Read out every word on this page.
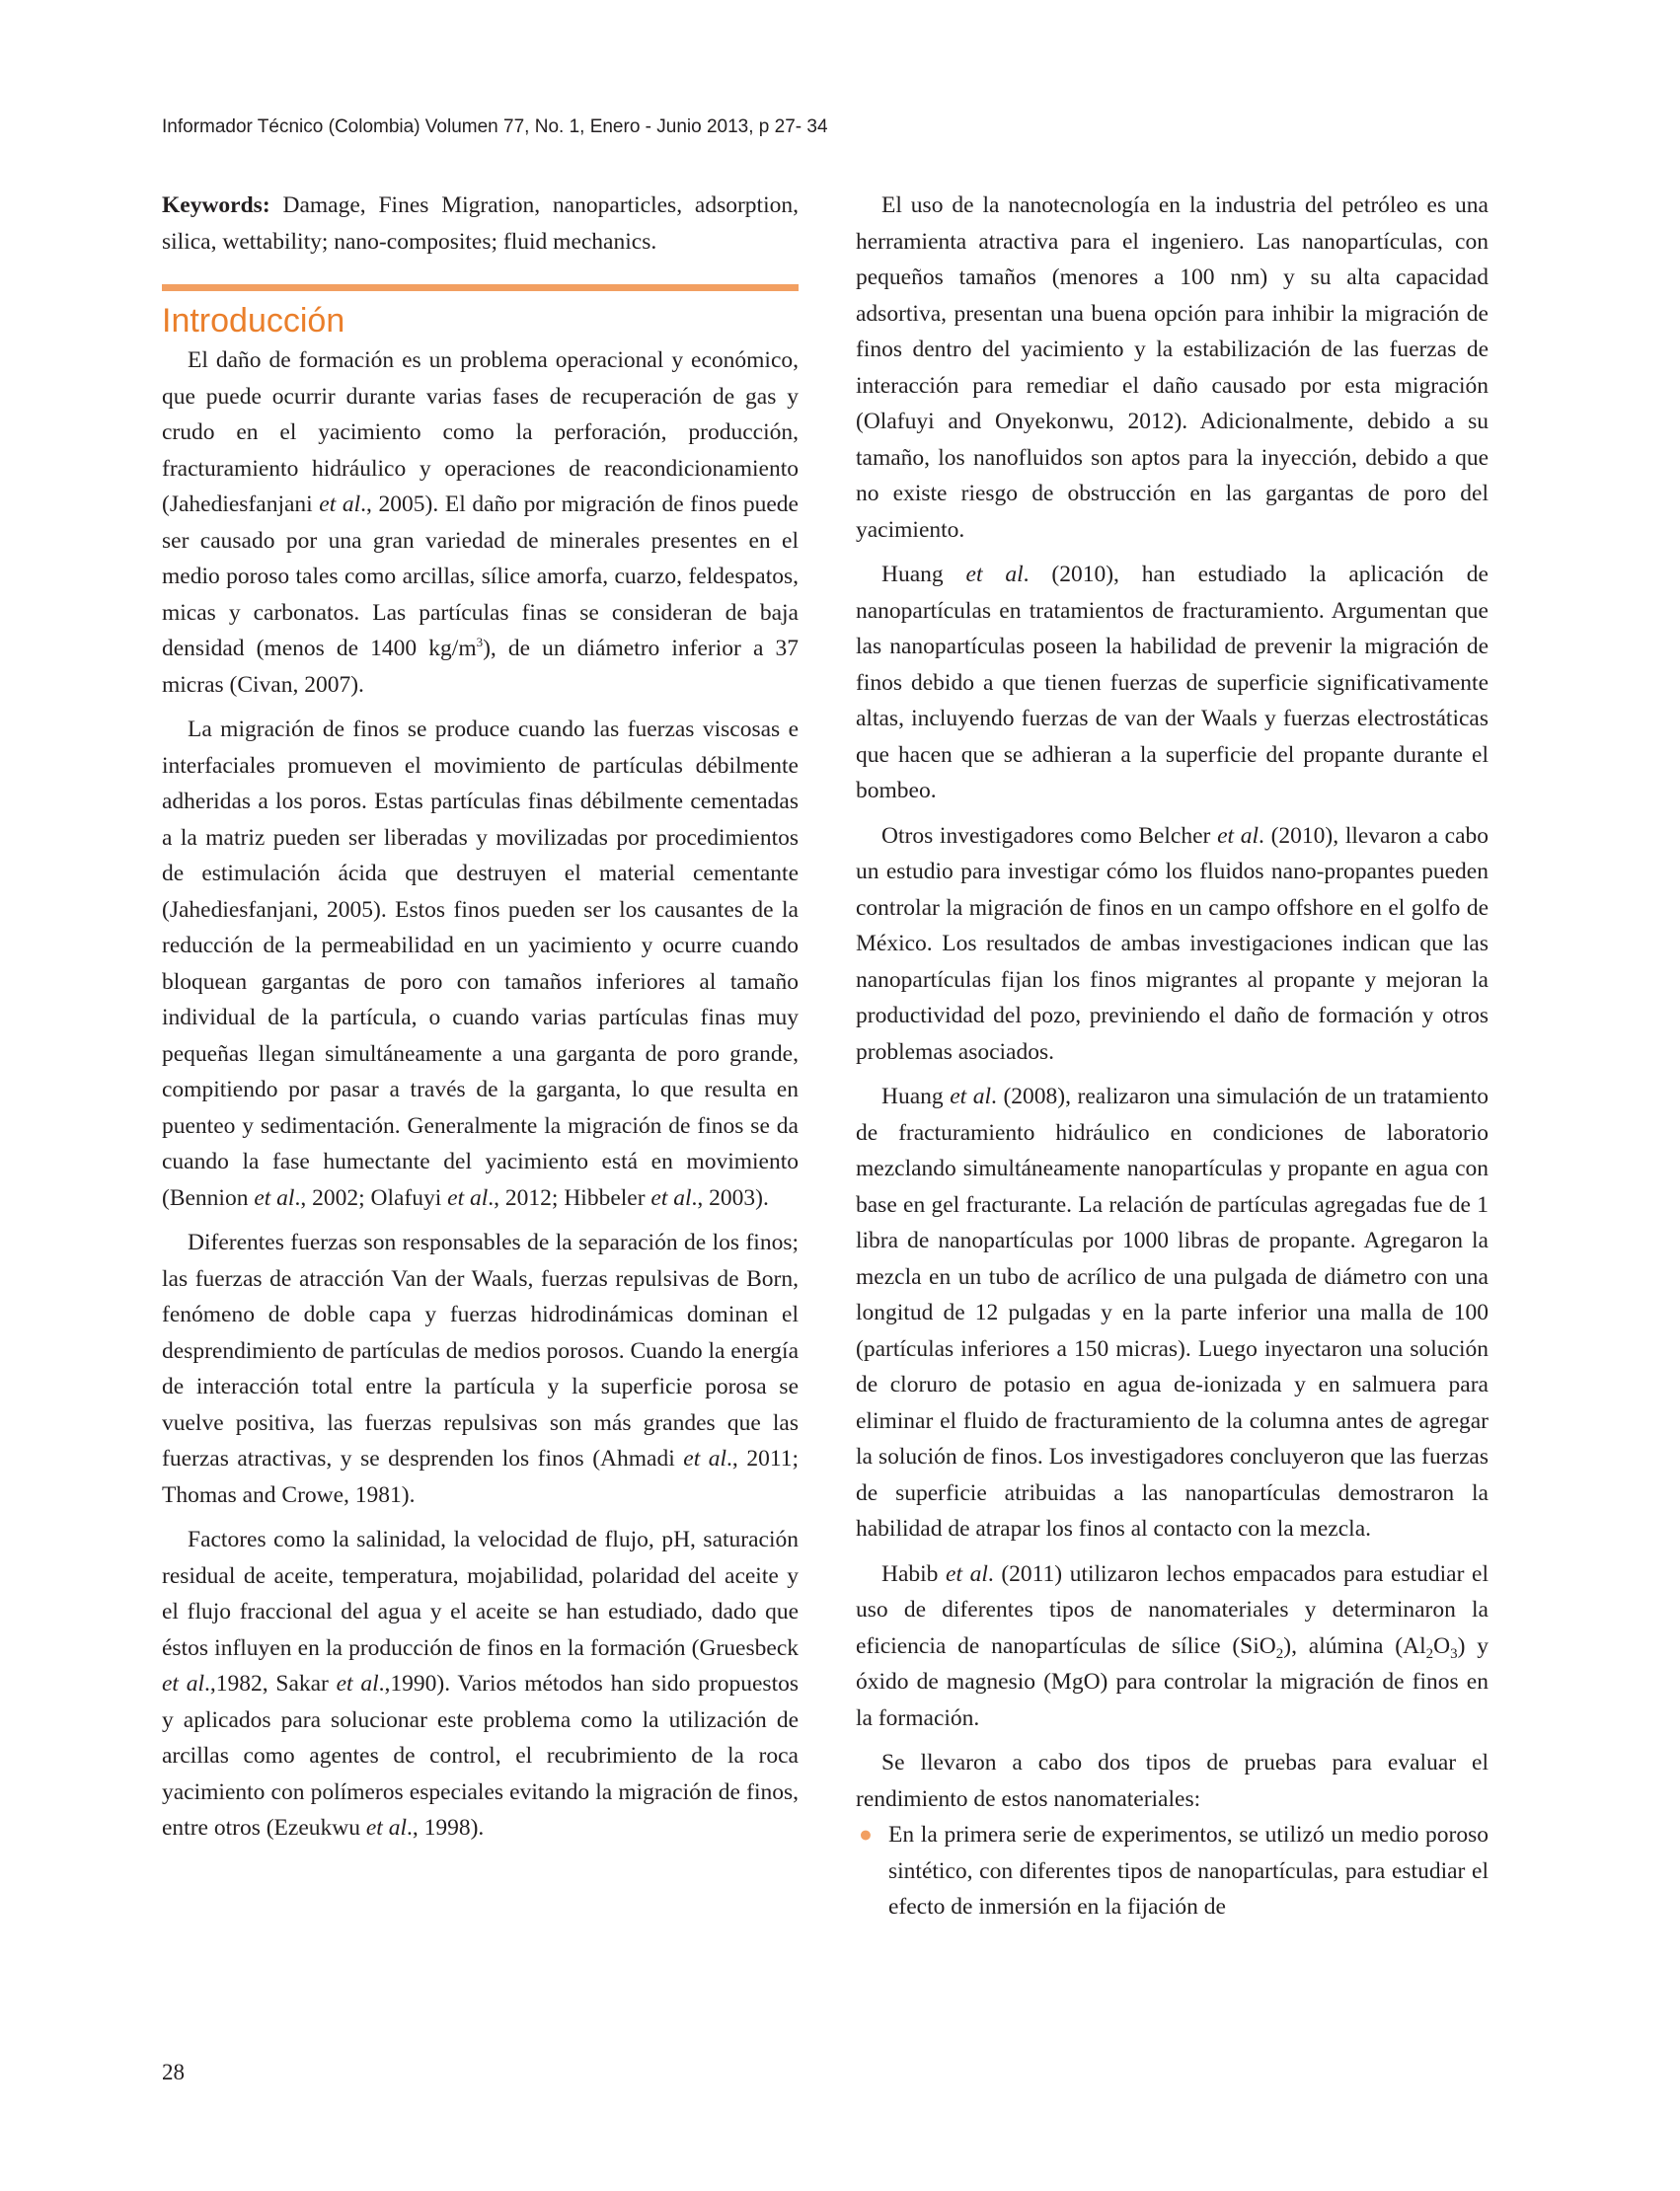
Informador Técnico (Colombia) Volumen 77, No. 1, Enero - Junio 2013, p 27- 34

Keywords: Damage, Fines Migration, nanoparticles, adsorption, silica, wettability; nano-composites; fluid mechanics.

Introducción

El daño de formación es un problema operacional y económico, que puede ocurrir durante varias fases de recuperación de gas y crudo en el yacimiento como la perforación, producción, fracturamiento hidráulico y operaciones de reacondicionamiento (Jahediesfanjani et al., 2005). El daño por migración de finos puede ser causado por una gran variedad de minerales presentes en el medio poroso tales como arcillas, sílice amorfa, cuarzo, feldespatos, micas y carbonatos. Las partículas finas se consideran de baja densidad (menos de 1400 $kg/m^3$), de un diámetro inferior a 37 micras (Civan, 2007).

La migración de finos se produce cuando las fuerzas viscosas e interfaciales promueven el movimiento de partículas débilmente adheridas a los poros. Estas partículas finas débilmente cementadas a la matriz pueden ser liberadas y movilizadas por procedimientos de estimulación ácida que destruyen el material cementante (Jahediesfanjani, 2005). Estos finos pueden ser los causantes de la reducción de la permeabilidad en un yacimiento y ocurre cuando bloquean gargantas de poro con tamaños inferiores al tamaño individual de la partícula, o cuando varias partículas finas muy pequeñas llegan simultáneamente a una garganta de poro grande, compitiendo por pasar a través de la garganta, lo que resulta en puenteo y sedimentación. Generalmente la migración de finos se da cuando la fase humectante del yacimiento está en movimiento (Bennion et al., 2002; Olafuyi et al., 2012; Hibbeler et al., 2003).

Diferentes fuerzas son responsables de la separación de los finos; las fuerzas de atracción Van der Waals, fuerzas repulsivas de Born, fenómeno de doble capa y fuerzas hidrodinámicas dominan el desprendimiento de partículas de medios porosos. Cuando la energía de interacción total entre la partícula y la superficie porosa se vuelve positiva, las fuerzas repulsivas son más grandes que las fuerzas atractivas, y se desprenden los finos (Ahmadi et al., 2011; Thomas and Crowe, 1981).

Factores como la salinidad, la velocidad de flujo, pH, saturación residual de aceite, temperatura, mojabilidad, polaridad del aceite y el flujo fraccional del agua y el aceite se han estudiado, dado que éstos influyen en la producción de finos en la formación (Gruesbeck et al.,1982, Sakar et al.,1990). Varios métodos han sido propuestos y aplicados para solucionar este problema como la utilización de arcillas como agentes de control, el recubrimiento de la roca yacimiento con polímeros especiales evitando la migración de finos, entre otros (Ezeukwu et al., 1998).

El uso de la nanotecnología en la industria del petróleo es una herramienta atractiva para el ingeniero. Las nanopartículas, con pequeños tamaños (menores a 100 nm) y su alta capacidad adsortiva, presentan una buena opción para inhibir la migración de finos dentro del yacimiento y la estabilización de las fuerzas de interacción para remediar el daño causado por esta migración (Olafuyi and Onyekonwu, 2012). Adicionalmente, debido a su tamaño, los nanofluidos son aptos para la inyección, debido a que no existe riesgo de obstrucción en las gargantas de poro del yacimiento.

Huang et al. (2010), han estudiado la aplicación de nanopartículas en tratamientos de fracturamiento. Argumentan que las nanopartículas poseen la habilidad de prevenir la migración de finos debido a que tienen fuerzas de superficie significativamente altas, incluyendo fuerzas de van der Waals y fuerzas electrostáticas que hacen que se adhieran a la superficie del propante durante el bombeo.

Otros investigadores como Belcher et al. (2010), llevaron a cabo un estudio para investigar cómo los fluidos nano-propantes pueden controlar la migración de finos en un campo offshore en el golfo de México. Los resultados de ambas investigaciones indican que las nanopartículas fijan los finos migrantes al propante y mejoran la productividad del pozo, previniendo el daño de formación y otros problemas asociados.

Huang et al. (2008), realizaron una simulación de un tratamiento de fracturamiento hidráulico en condiciones de laboratorio mezclando simultáneamente nanopartículas y propante en agua con base en gel fracturante. La relación de partículas agregadas fue de 1 libra de nanopartículas por 1000 libras de propante. Agregaron la mezcla en un tubo de acrílico de una pulgada de diámetro con una longitud de 12 pulgadas y en la parte inferior una malla de 100 (partículas inferiores a 150 micras). Luego inyectaron una solución de cloruro de potasio en agua de-ionizada y en salmuera para eliminar el fluido de fracturamiento de la columna antes de agregar la solución de finos. Los investigadores concluyeron que las fuerzas de superficie atribuidas a las nanopartículas demostraron la habilidad de atrapar los finos al contacto con la mezcla.

Habib et al. (2011) utilizaron lechos empacados para estudiar el uso de diferentes tipos de nanomateriales y determinaron la eficiencia de nanopartículas de sílice (SiO$_2$), alúmina $(Al_2O_3)$ y óxido de magnesio (MgO) para controlar la migración de finos en la formación.

Se llevaron a cabo dos tipos de pruebas para evaluar el rendimiento de estos nanomateriales:

● En la primera serie de experimentos, se utilizó un medio poroso sintético, con diferentes tipos de nanopartículas, para estudiar el efecto de inmersión en la fijación de
28
